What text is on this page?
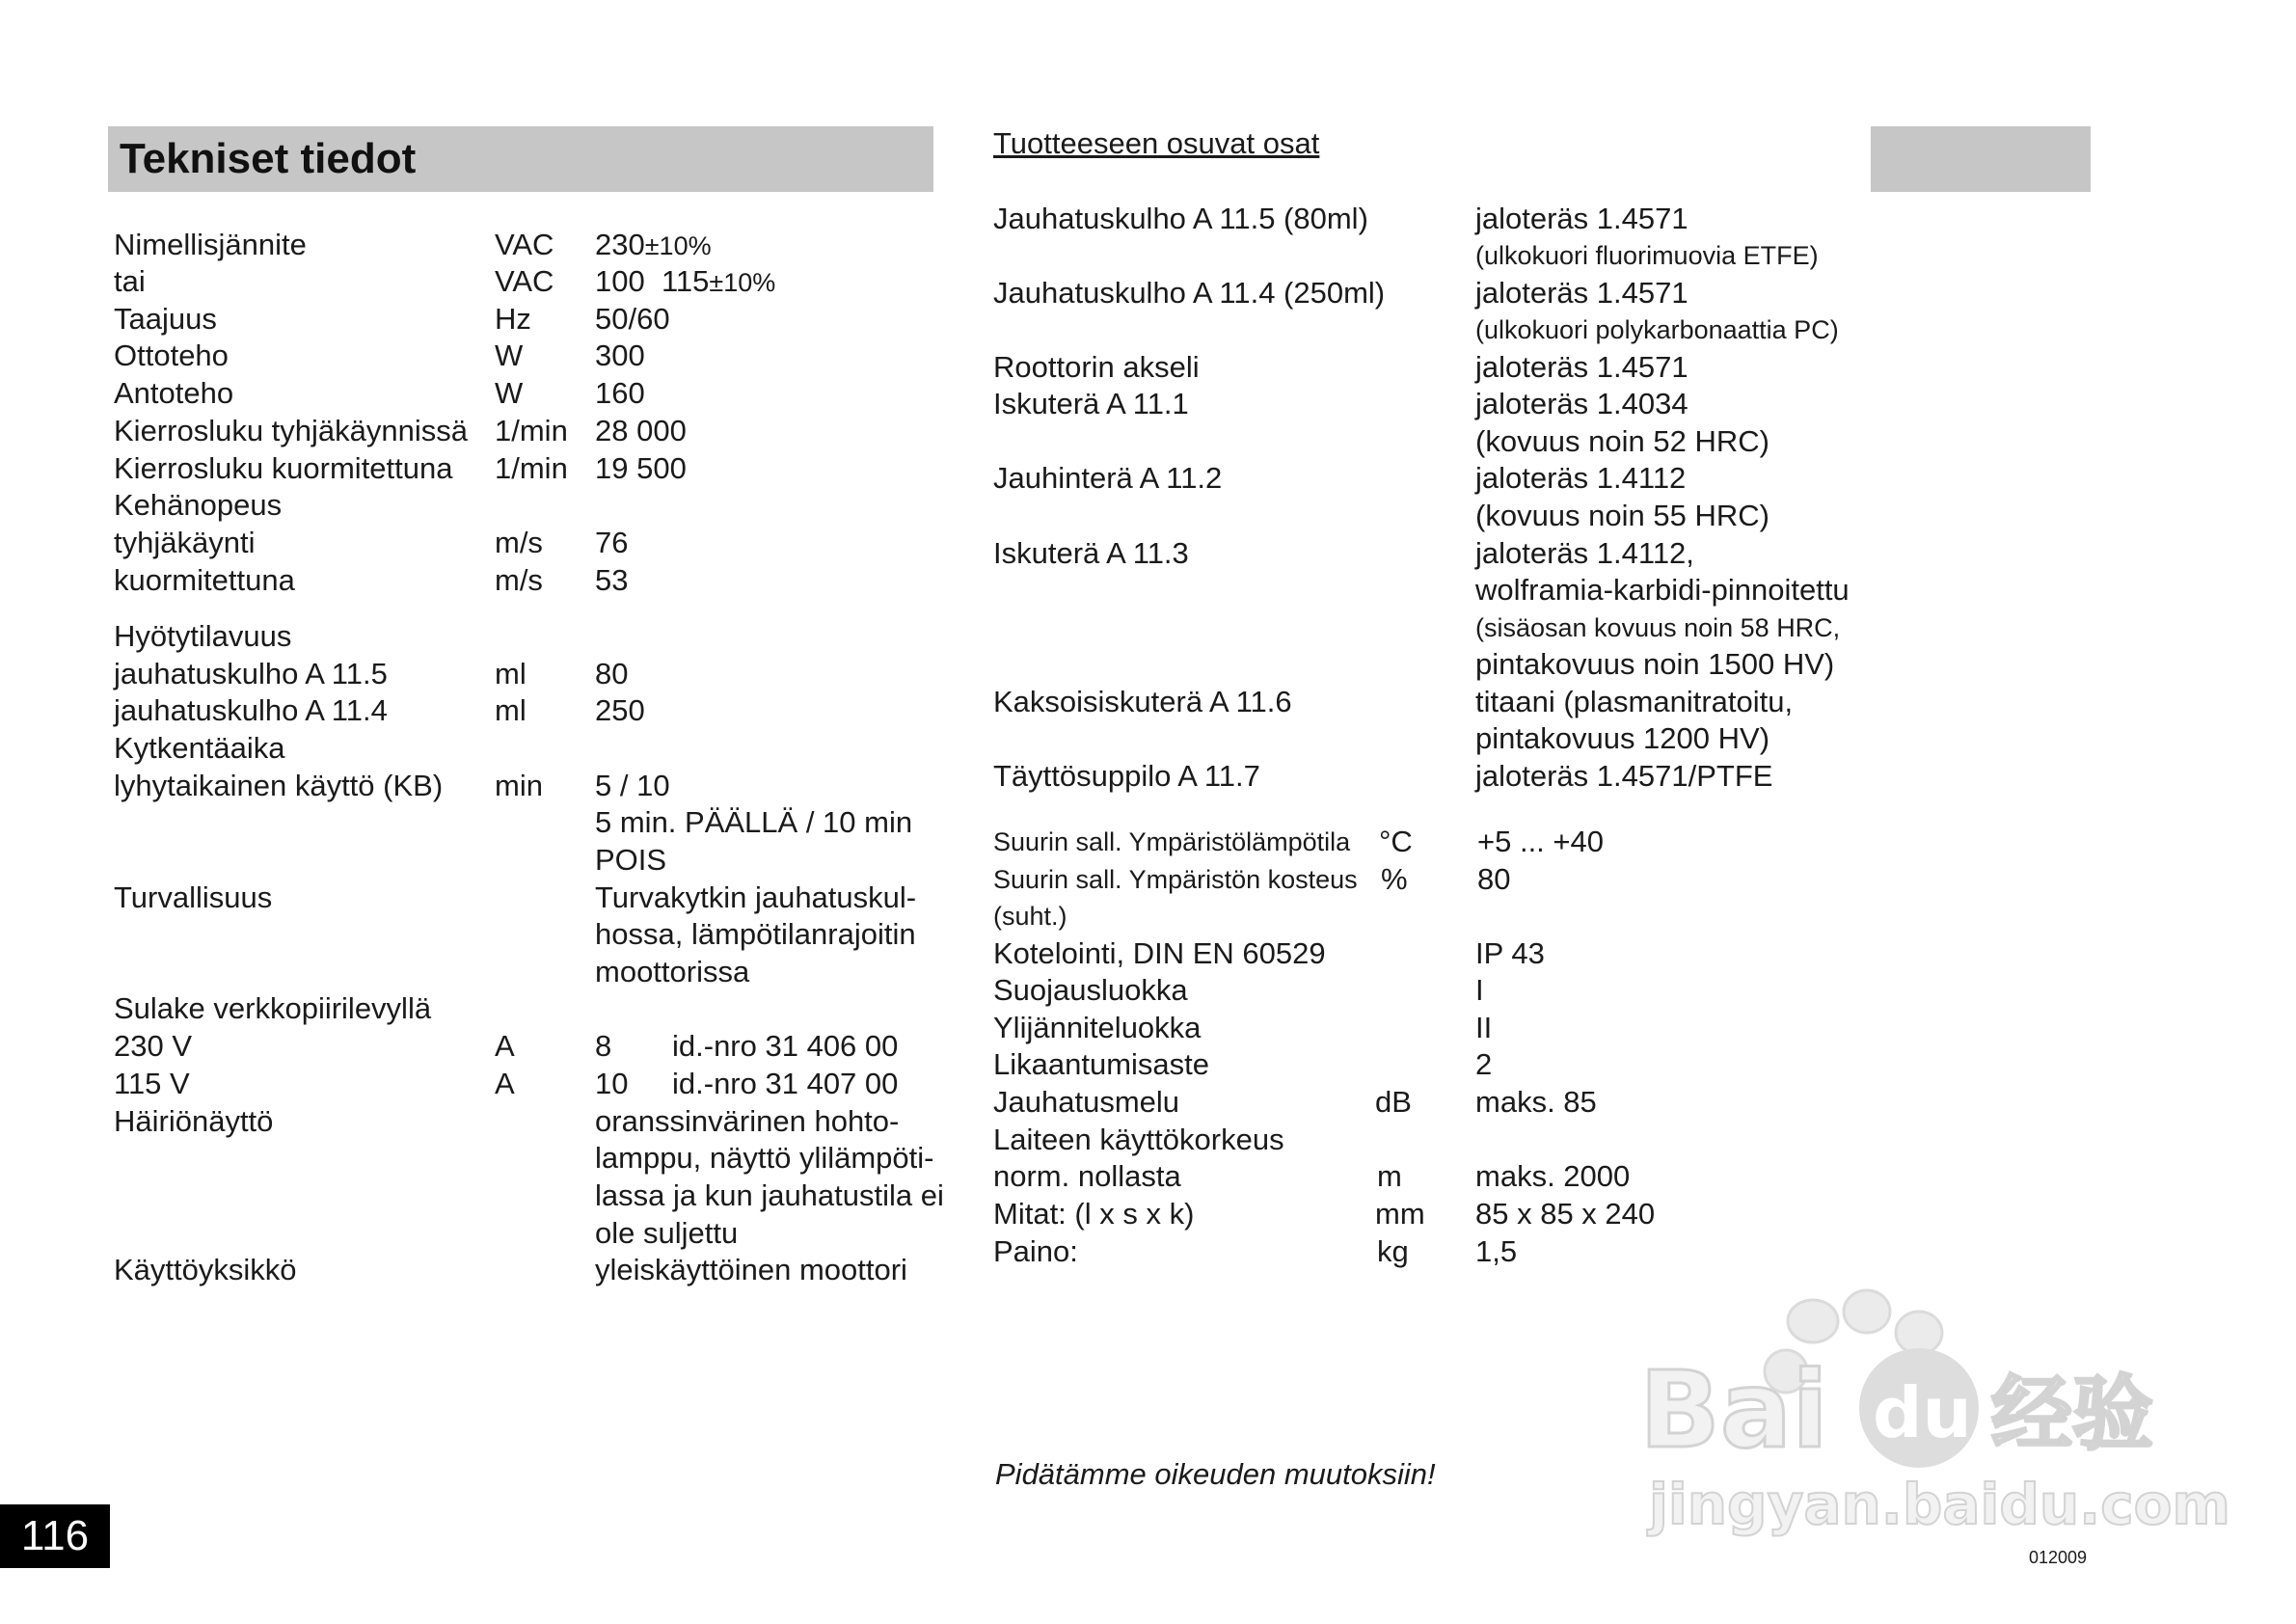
Tekniset tiedot
Nimellisjännite	VAC 230±10%
tai	VAC 100  115±10%
Taajuus	Hz 50/60
Ottoteho	W 300
Antoteho	W 160
Kierrosluku tyhjäkäynnissä 1/min 28 000
Kierrosluku kuormitettuna 1/min 19 500
Kehänopeus
tyhjäkäynti	m/s 76
kuormitettuna	m/s 53
Hyötytilavuus
jauhatuskulho A 11.5	ml 80
jauhatuskulho A 11.4	ml 250
Kytkentäaika
lyhytaikainen käyttö (KB) min 5 / 10
5 min. PÄÄLLÄ / 10 min
POIS
Turvallisuus	Turvakytkin jauhatuskul-
hossa, lämpötilanrajoitin
moottorissa
Sulake verkkopiirilevyllä
230 V	A	8 id.-nro 31 406 00
115 V	A	10 id.-nro 31 407 00
Häiriönäyttö	oranssinvärinen hohto-
lamppu, näyttö ylilämpöti-
lassa ja kun jauhatustila ei
ole suljettu
Käyttöyksikkö	yleiskäyttöinen moottori
Tuotteeseen osuvat osat
Jauhatuskulho A 11.5 (80ml)	jaloteräs 1.4571
(ulkokuori fluorimuovia ETFE)
Jauhatuskulho A 11.4 (250ml)	jaloteräs 1.4571
(ulkokuori polykarbonaattia PC)
Roottorin akseli	jaloteräs 1.4571
Iskuterä A 11.1	jaloteräs 1.4034
(kovuus noin 52 HRC)
Jauhinterä A 11.2	jaloteräs 1.4112
(kovuus noin 55 HRC)
Iskuterä A 11.3	jaloteräs 1.4112,
wolframia-karbidi-pinnoitettu
(sisäosan kovuus noin 58 HRC,
pintakovuus noin 1500 HV)
Kaksoisiskuterä A 11.6	titaani (plasmanitratoitu,
pintakovuus 1200 HV)
Täyttösuppilo A 11.7	jaloteräs 1.4571/PTFE
Suurin sall. Ympäristölämpötila °C +5 ... +40
Suurin sall. Ympäristön kosteus % 80
(suht.)
Kotelointi, DIN EN 60529	IP 43
Suojausluokka	I
Ylijänniteluokka	II
Likaantumisaste	2
Jauhatusmelu	dB maks. 85
Laiteen käyttökorkeus
norm. nollasta	m maks. 2000
Mitat: (l x s x k)	mm 85 x 85 x 240
Paino:	kg 1,5
Pidätämme oikeuden muutoksiin!
012009
116
Bai du 经验
jingyan.baidu.com
